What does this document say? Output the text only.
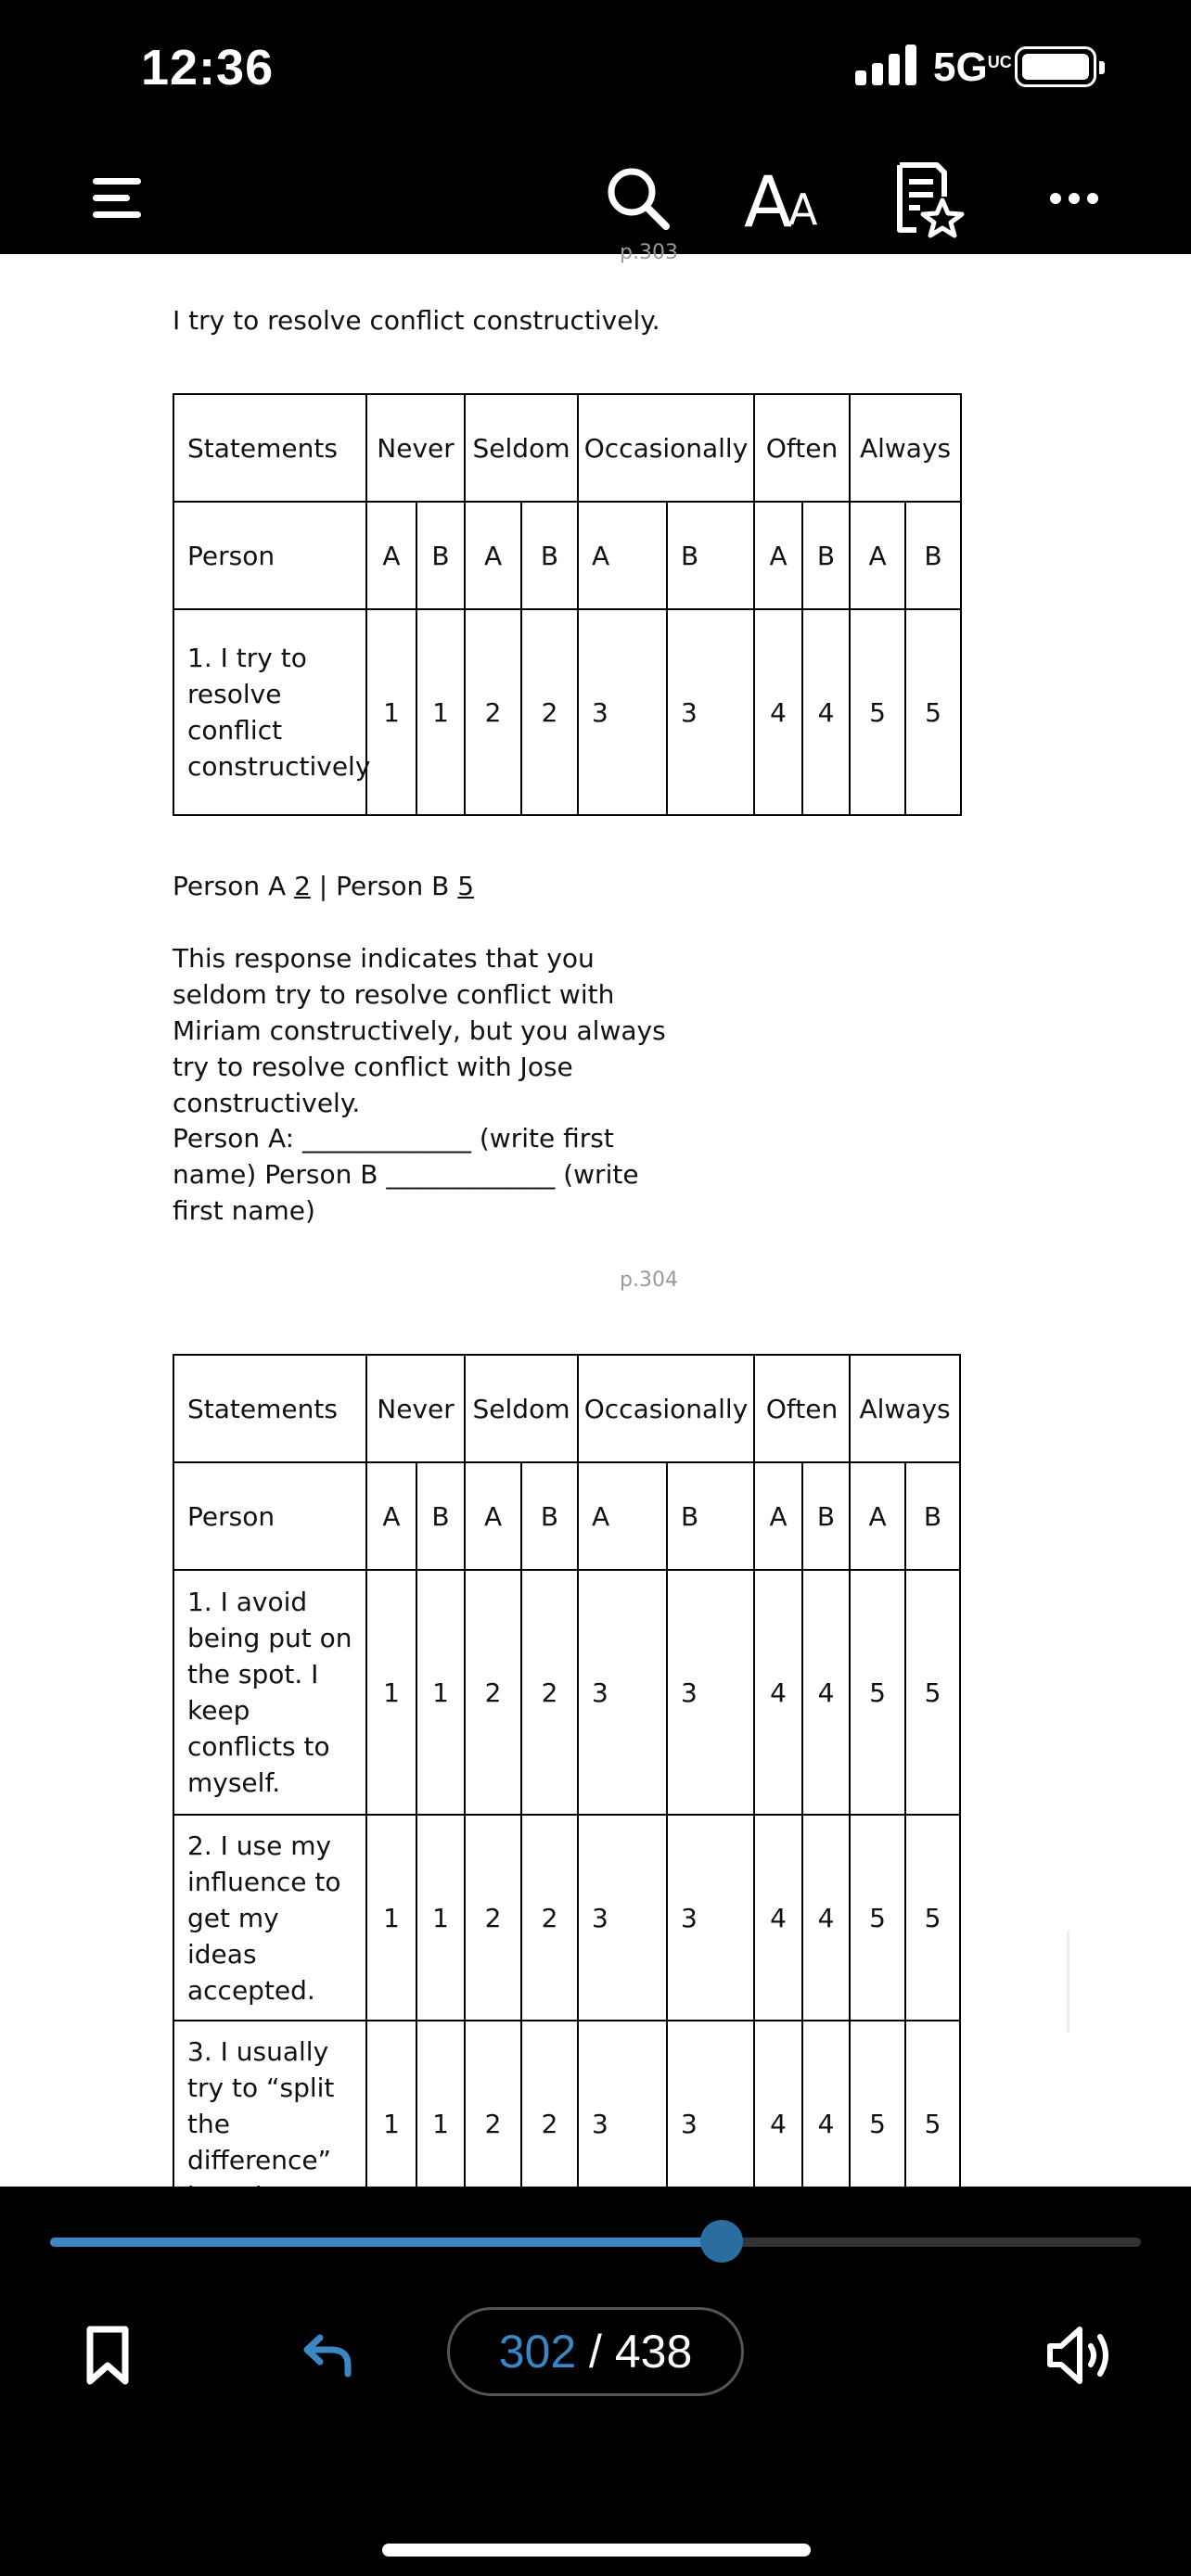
12:36	5GUC
A
A
p.303
I try to resolve conflict constructively.
Statements	Never		Seldom		Occasionally		Often		Always	
Person	A	B	A	B	A	B	A	B	A	B
1. I try to resolve conflict constructively	1	1	2	2	3	3	4	4	5	5
Person A 2 | Person B 5
This response indicates that you seldom try to resolve conflict with Miriam constructively, but you always try to resolve conflict with Jose constructively.
Person A: _____________ (write first name) Person B _____________ (write first name)
p.304
Statements	Never		Seldom		Occasionally		Often		Always	
Person	A	B	A	B	A	B	A	B	A	B
1. I avoid being put on the spot. I keep conflicts to myself.	1	1	2	2	3	3	4	4	5	5
2. I use my influence to get my ideas accepted.	1	1	2	2	3	3	4	4	5	5
3. I usually try to “split the difference”	1	1	2	2	3	3	4	4	5	5
302 / 438
